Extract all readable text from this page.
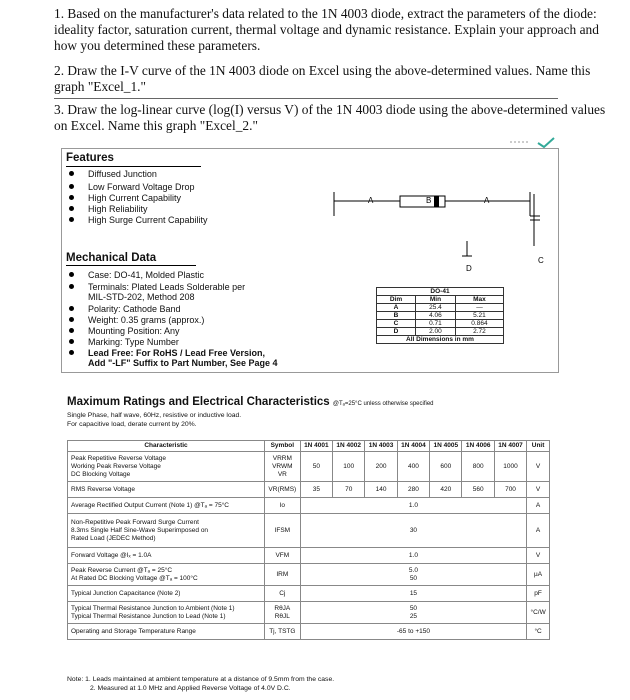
1. Based on the manufacturer's data related to the 1N 4003 diode, extract the parameters of the diode: ideality factor, saturation current, thermal voltage and dynamic resistance. Explain your approach and how you determined these parameters.
2. Draw the I-V curve of the 1N 4003 diode on Excel using the above-determined values. Name this graph "Excel_1."
3. Draw the log-linear curve (log(I) versus V) of the 1N 4003 diode using the above-determined values on Excel. Name this graph "Excel_2."
Features
Diffused Junction
Low Forward Voltage Drop
High Current Capability
High Reliability
High Surge Current Capability
A	B	A
C
D
Mechanical Data
Case: DO-41, Molded Plastic
Terminals: Plated Leads Solderable per
MIL-STD-202, Method 208
Polarity: Cathode Band
Weight: 0.35 grams (approx.)
Mounting Position: Any
Marking: Type Number
Lead Free: For RoHS / Lead Free Version,
Add "-LF" Suffix to Part Number, See Page 4
DO-41		
Dim	Min	Max
A	25.4	—
B	4.06	5.21
C	0.71	0.864
D	2.00	2.72
All Dimensions in mm		
Maximum Ratings and Electrical Characteristics @Tₐ=25°C unless otherwise specified
Single Phase, half wave, 60Hz, resistive or inductive load.
For capacitive load, derate current by 20%.
Characteristic	Symbol	1N 4001	1N 4002	1N 4003	1N 4004	1N 4005	1N 4006	1N 4007	Unit
Peak Repetitive Reverse Voltage
Working Peak Reverse Voltage
DC Blocking Voltage	VRRM
VRWM
VR	50	100	200	400	600	800	1000	V
RMS Reverse Voltage	VR(RMS)	35	70	140	280	420	560	700	V
Average Rectified Output Current (Note 1) @Tₐ = 75°C	Io	1.0							A
Non-Repetitive Peak Forward Surge Current
8.3ms Single Half Sine-Wave Superimposed on
Rated Load (JEDEC Method)	IFSM	30							A
Forward Voltage @Iₓ = 1.0A	VFM	1.0							V
Peak Reverse Current @Tₐ = 25°C
At Rated DC Blocking Voltage @Tₐ = 100°C	IRM	5.0
50							µA
Typical Junction Capacitance (Note 2)	Cj	15							pF
Typical Thermal Resistance Junction to Ambient (Note 1)
Typical Thermal Resistance Junction to Lead (Note 1)	RθJA
RθJL	50
25							°C/W
Operating and Storage Temperature Range	Tj, TSTG	-65 to +150							°C
Note: 1. Leads maintained at ambient temperature at a distance of 9.5mm from the case.
2. Measured at 1.0 MHz and Applied Reverse Voltage of 4.0V D.C.
